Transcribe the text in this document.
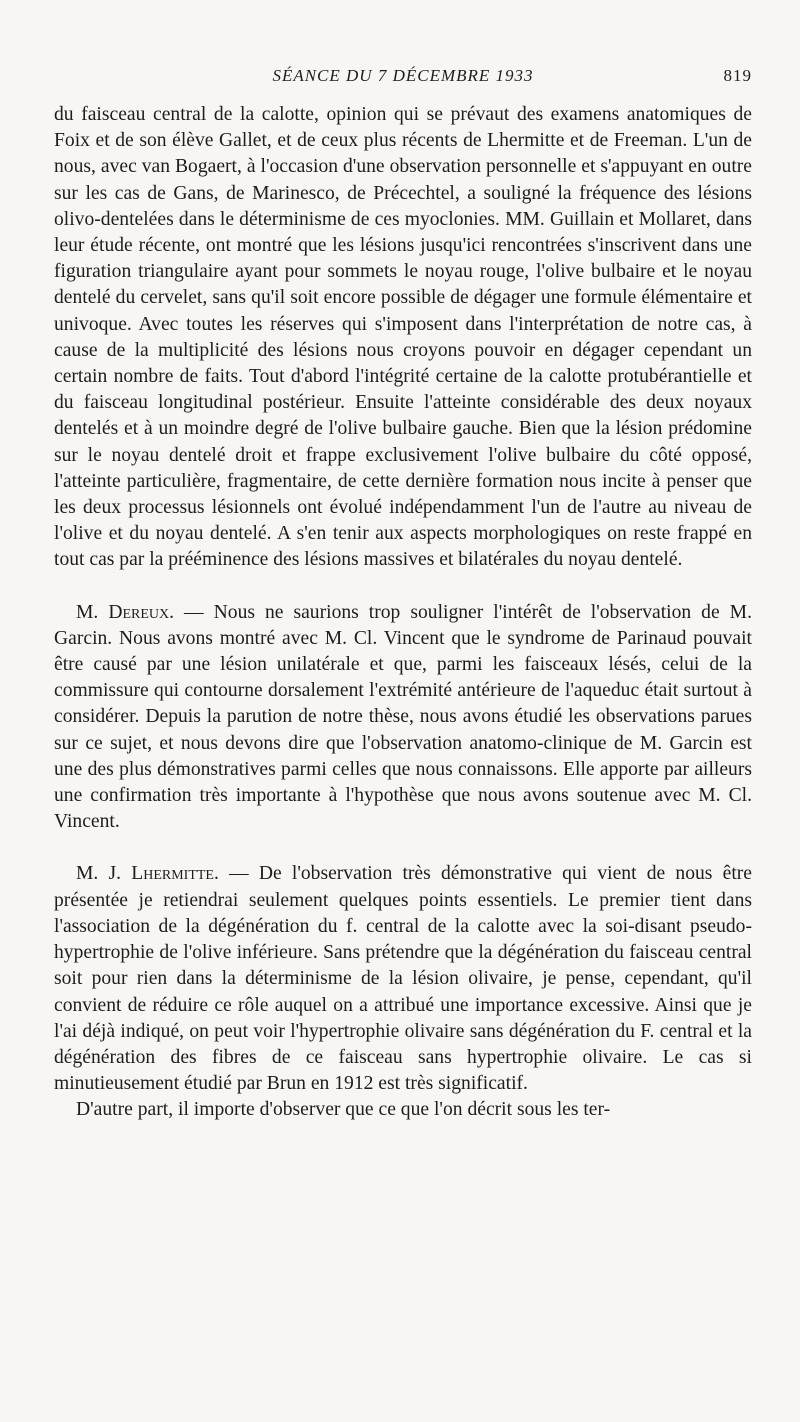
SÉANCE DU 7 DÉCEMBRE 1933	819

du faisceau central de la calotte, opinion qui se prévaut des examens anatomiques de Foix et de son élève Gallet, et de ceux plus récents de Lhermitte et de Freeman. L'un de nous, avec van Bogaert, à l'occasion d'une observation personnelle et s'appuyant en outre sur les cas de Gans, de Marinesco, de Précechtel, a souligné la fréquence des lésions olivo-dentelées dans le déterminisme de ces myoclonies. MM. Guillain et Mollaret, dans leur étude récente, ont montré que les lésions jusqu'ici rencontrées s'inscrivent dans une figuration triangulaire ayant pour sommets le noyau rouge, l'olive bulbaire et le noyau dentelé du cervelet, sans qu'il soit encore possible de dégager une formule élémentaire et univoque. Avec toutes les réserves qui s'imposent dans l'interprétation de notre cas, à cause de la multiplicité des lésions nous croyons pouvoir en dégager cependant un certain nombre de faits. Tout d'abord l'intégrité certaine de la calotte protubérantielle et du faisceau longitudinal postérieur. Ensuite l'atteinte considérable des deux noyaux dentelés et à un moindre degré de l'olive bulbaire gauche. Bien que la lésion prédomine sur le noyau dentelé droit et frappe exclusivement l'olive bulbaire du côté opposé, l'atteinte particulière, fragmentaire, de cette dernière formation nous incite à penser que les deux processus lésionnels ont évolué indépendamment l'un de l'autre au niveau de l'olive et du noyau dentelé. A s'en tenir aux aspects morphologiques on reste frappé en tout cas par la prééminence des lésions massives et bilatérales du noyau dentelé.

M. Dereux. — Nous ne saurions trop souligner l'intérêt de l'observation de M. Garcin. Nous avons montré avec M. Cl. Vincent que le syndrome de Parinaud pouvait être causé par une lésion unilatérale et que, parmi les faisceaux lésés, celui de la commissure qui contourne dorsalement l'extrémité antérieure de l'aqueduc était surtout à considérer. Depuis la parution de notre thèse, nous avons étudié les observations parues sur ce sujet, et nous devons dire que l'observation anatomo-clinique de M. Garcin est une des plus démonstratives parmi celles que nous connaissons. Elle apporte par ailleurs une confirmation très importante à l'hypothèse que nous avons soutenue avec M. Cl. Vincent.

M. J. Lhermitte. — De l'observation très démonstrative qui vient de nous être présentée je retiendrai seulement quelques points essentiels. Le premier tient dans l'association de la dégénération du f. central de la calotte avec la soi-disant pseudo-hypertrophie de l'olive inférieure. Sans prétendre que la dégénération du faisceau central soit pour rien dans la déterminisme de la lésion olivaire, je pense, cependant, qu'il convient de réduire ce rôle auquel on a attribué une importance excessive. Ainsi que je l'ai déjà indiqué, on peut voir l'hypertrophie olivaire sans dégénération du F. central et la dégénération des fibres de ce faisceau sans hypertrophie olivaire. Le cas si minutieusement étudié par Brun en 1912 est très significatif.

D'autre part, il importe d'observer que ce que l'on décrit sous les ter-
